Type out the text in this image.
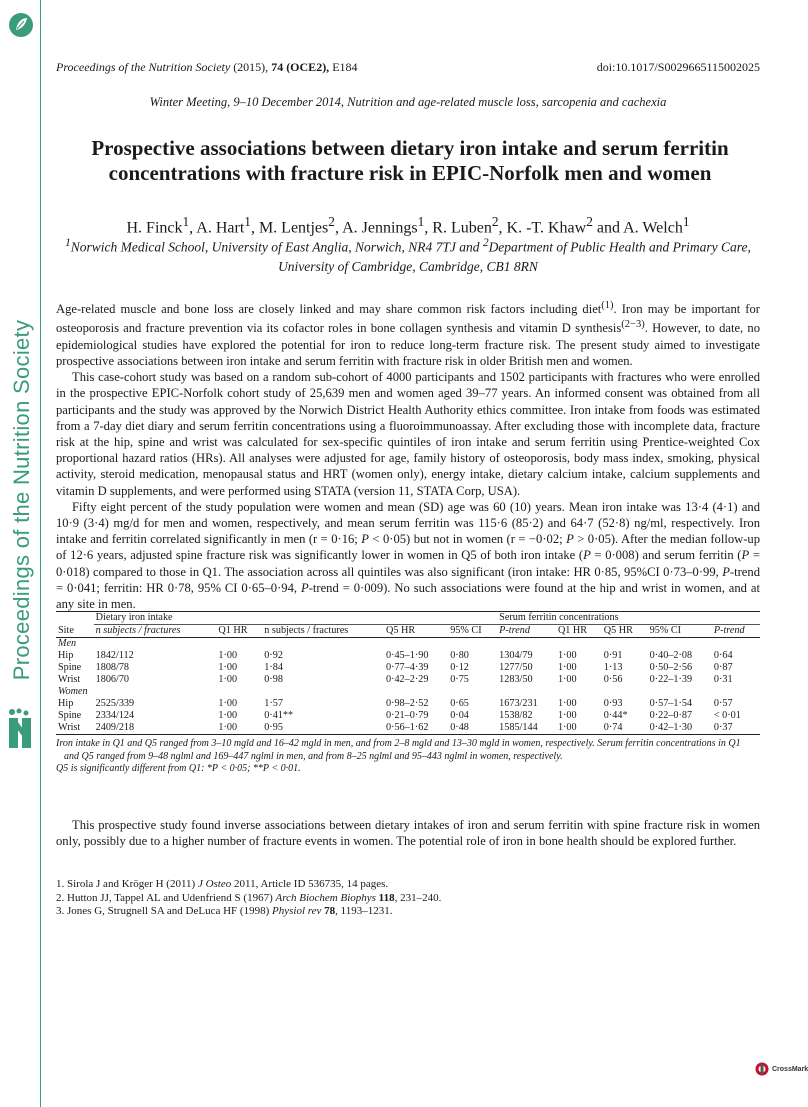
Proceedings of the Nutrition Society
Proceedings of the Nutrition Society (2015), 74 (OCE2), E184	doi:10.1017/S0029665115002025
Winter Meeting, 9–10 December 2014, Nutrition and age-related muscle loss, sarcopenia and cachexia
Prospective associations between dietary iron intake and serum ferritin concentrations with fracture risk in EPIC-Norfolk men and women
H. Finck$^1$, A. Hart$^1$, M. Lentjes$^2$, A. Jennings$^1$, R. Luben$^2$, K. -T. Khaw$^2$ and A. Welch$^1$
$^1$Norwich Medical School, University of East Anglia, Norwich, NR4 7TJ and $^2$Department of Public Health and Primary Care, University of Cambridge, Cambridge, CB1 8RN

Age-related muscle and bone loss are closely linked and may share common risk factors including diet$^{(1)}$. Iron may be important for osteoporosis and fracture prevention via its cofactor roles in bone collagen synthesis and vitamin D synthesis$^{(2-3)}$. However, to date, no epidemiological studies have explored the potential for iron to reduce long-term fracture risk. The present study aimed to investigate prospective associations between iron intake and serum ferritin with fracture risk in older British men and women.

This case-cohort study was based on a random sub-cohort of 4000 participants and 1502 participants with fractures who were enrolled in the prospective EPIC-Norfolk cohort study of 25,639 men and women aged 39–77 years. An informed consent was obtained from all participants and the study was approved by the Norwich District Health Authority ethics committee. Iron intake from foods was estimated from a 7-day diet diary and serum ferritin concentrations using a fluoroimmunoassay. After excluding those with incomplete data, fracture risk at the hip, spine and wrist was calculated for sex-specific quintiles of iron intake and serum ferritin using Prentice-weighted Cox proportional hazard ratios (HRs). All analyses were adjusted for age, family history of osteoporosis, body mass index, smoking, physical activity, steroid medication, menopausal status and HRT (women only), energy intake, dietary calcium intake, calcium supplements and vitamin D supplements, and were performed using STATA (version 11, STATA Corp, USA).

Fifty eight percent of the study population were women and mean (SD) age was 60 (10) years. Mean iron intake was 13·4 (4·1) and 10·9 (3·4) mg/d for men and women, respectively, and mean serum ferritin was 115·6 (85·2) and 64·7 (52·8) ng/ml, respectively. Iron intake and ferritin correlated significantly in men (r = 0·16; P < 0·05) but not in women (r = −0·02; P > 0·05). After the median follow-up of 12·6 years, adjusted spine fracture risk was significantly lower in women in Q5 of both iron intake (P = 0·008) and serum ferritin (P = 0·018) compared to those in Q1. The association across all quintiles was also significant (iron intake: HR 0·85, 95%CI 0·73–0·99, P-trend = 0·041; ferritin: HR 0·78, 95% CI 0·65–0·94, P-trend = 0·009). No such associations were found at the hip and wrist in women, and at any site in men.

	Dietary iron intake					Serum ferritin concentrations				
Site	n subjects / fractures	Q1 HR	n subjects / fractures	Q5 HR	95% CI	P-trend	Q1 HR	Q5 HR	95% CI	P-trend
Men										
Hip	1842/112	1·00	0·92	0·45–1·90	0·80	1304/79	1·00	0·91	0·40–2·08	0·64
Spine	1808/78	1·00	1·84	0·77–4·39	0·12	1277/50	1·00	1·13	0·50–2·56	0·87
Wrist	1806/70	1·00	0·98	0·42–2·29	0·75	1283/50	1·00	0·56	0·22–1·39	0·31
Women										
Hip	2525/339	1·00	1·57	0·98–2·52	0·65	1673/231	1·00	0·93	0·57–1·54	0·57
Spine	2334/124	1·00	0·41**	0·21–0·79	0·04	1538/82	1·00	0·44*	0·22–0·87	< 0·01
Wrist	2409/218	1·00	0·95	0·56–1·62	0·48	1585/144	1·00	0·74	0·42–1·30	0·37
Iron intake in Q1 and Q5 ranged from 3–10 mgld and 16–42 mgld in men, and from 2–8 mgld and 13–30 mgld in women, respectively. Serum ferritin concentrations in Q1
and Q5 ranged from 9–48 nglml and 169–447 nglml in men, and from 8–25 nglml and 95–443 nglml in women, respectively.
Q5 is significantly different from Q1: *P < 0·05; **P < 0·01.
This prospective study found inverse associations between dietary intakes of iron and serum ferritin with spine fracture risk in women only, possibly due to a higher number of fracture events in women. The potential role of iron in bone health should be explored further.
1. Sirola J and Kröger H (2011) J Osteo 2011, Article ID 536735, 14 pages.
2. Hutton JJ, Tappel AL and Udenfriend S (1967) Arch Biochem Biophys 118, 231–240.
3. Jones G, Strugnell SA and DeLuca HF (1998) Physiol rev 78, 1193–1231.
CrossMark
